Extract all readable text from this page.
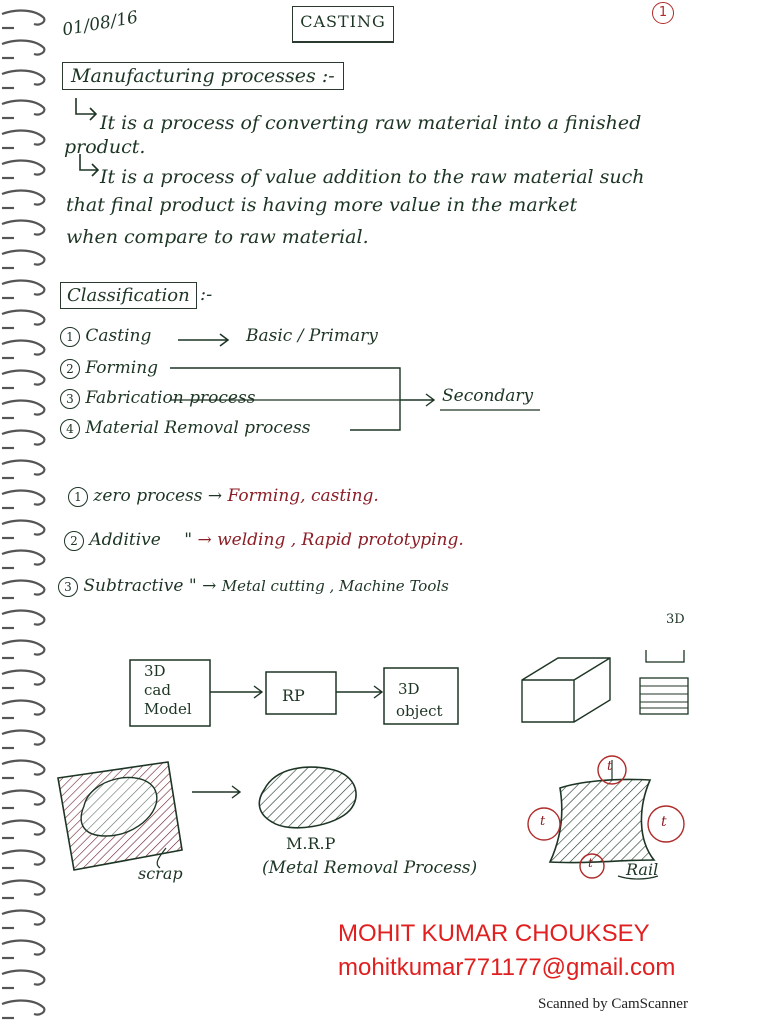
01/08/16	CASTING	1
Manufacturing processes :-
It is a process of converting raw material into a finished
product.
It is a process of value addition to the raw material such
that final product is having more value in the market
when compare to raw material.
Classification :-
1 Casting
2 Forming
3 Fabrication process
4 Material Removal process
Basic / Primary
Secondary
1 zero process → Forming, casting.
2 Additive " → welding , Rapid prototyping.
3 Subtractive " → Metal cutting , Machine Tools
3D
cad
Model
RP	3D
object
3D
scrap
M.R.P
(Metal Removal Process)	Rail
t
t	t
t
MOHIT KUMAR CHOUKSEY
mohitkumar771177@gmail.com
Scanned by CamScanner
